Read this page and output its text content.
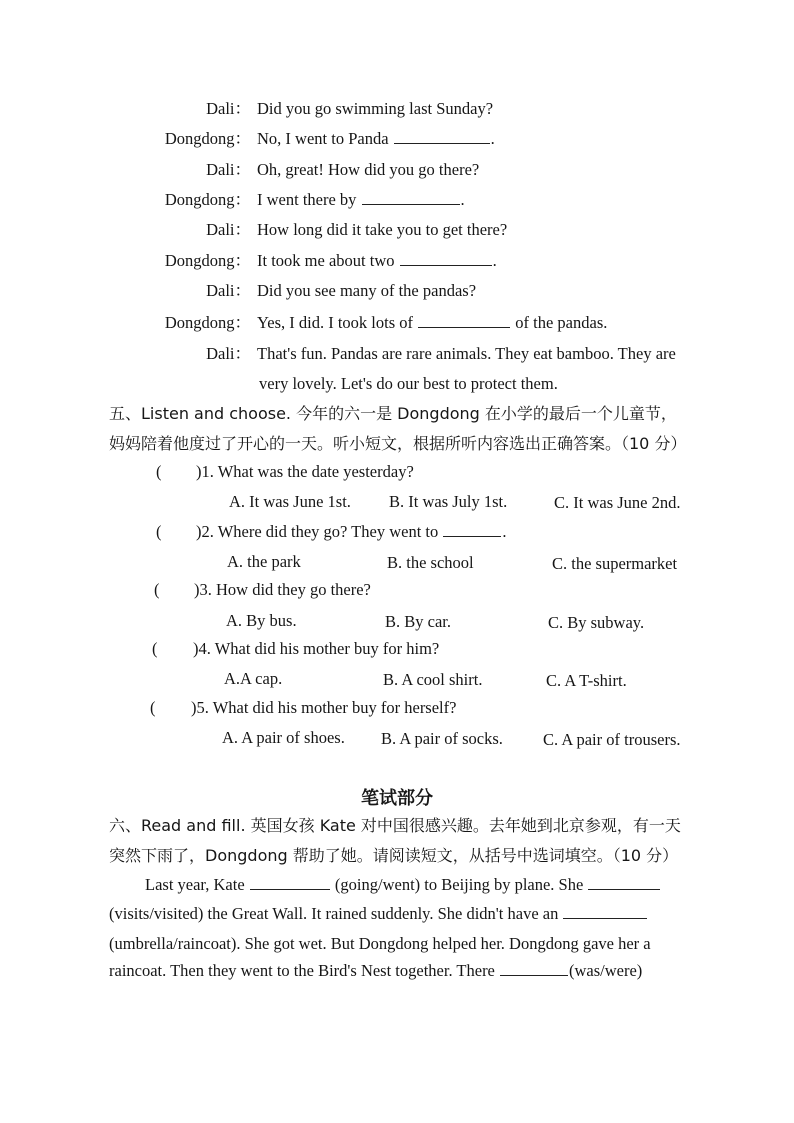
Dali： Did you go swimming last Sunday?
Dongdong： No, I went to Panda	.
Dali： Oh, great! How did you go there?
Dongdong： I went there by	.
Dali： How long did it take you to get there?
Dongdong： It took me about two	.
Dali： Did you see many of the pandas?
Dongdong： Yes, I did. I took lots of	of the pandas.
Dali： That's fun. Pandas are rare animals. They eat bamboo. They are
very lovely. Let's do our best to protect them.
五、Listen and choose. 今年的六一是 Dongdong 在小学的最后一个儿童节，
妈妈陪着他度过了开心的一天。听小短文，根据所听内容选出正确答案。（10 分）
( )1. What was the date yesterday?
A. It was June 1st. B. It was July 1st.	C. It was June 2nd.
( )2. Where did they go? They went to	.
A. the park	B. the school	C. the supermarket
( )3. How did they go there?
A. By bus.	B. By car.	C. By subway.
( )4. What did his mother buy for him?
A.A cap.	B. A cool shirt.	C. A T-shirt.
( )5. What did his mother buy for herself?
A. A pair of shoes. B. A pair of socks. C. A pair of trousers.
笔试部分
六、Read and fill. 英国女孩 Kate 对中国很感兴趣。去年她到北京参观，有一天
突然下雨了，Dongdong 帮助了她。请阅读短文，从括号中选词填空。（10 分）
Last year, Kate	(going/went) to Beijing by plane. She
(visits/visited) the Great Wall. It rained suddenly. She didn't have an
(umbrella/raincoat). She got wet. But Dongdong helped her. Dongdong gave her a
raincoat. Then they went to the Bird's Nest together. There	(was/were)
